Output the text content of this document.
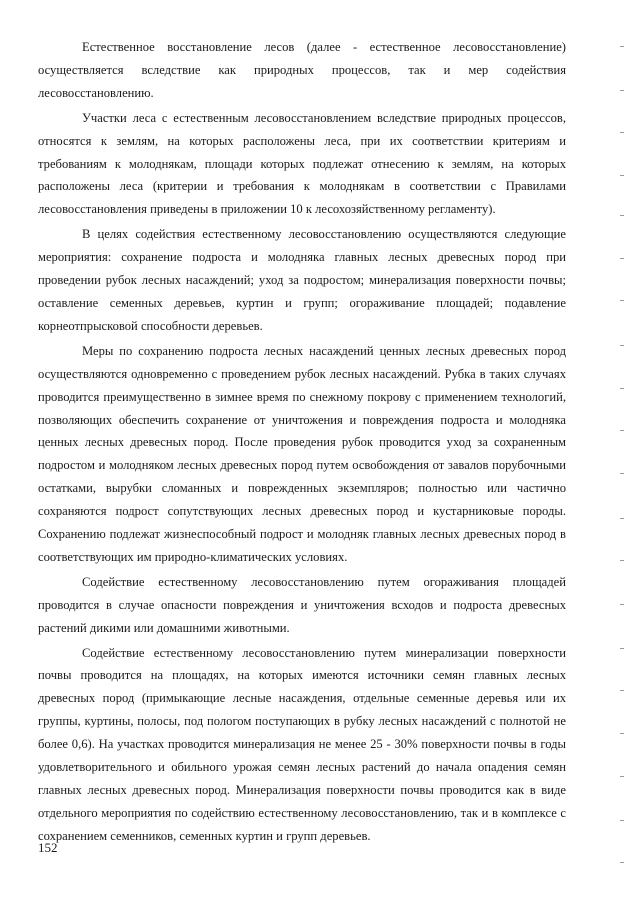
Естественное восстановление лесов (далее - естественное лесовосстановление) осуществляется вследствие как природных процессов, так и мер содействия лесовосстановлению.

Участки леса с естественным лесовосстановлением вследствие природных процессов, относятся к землям, на которых расположены леса, при их соответствии критериям и требованиям к молоднякам, площади которых подлежат отнесению к землям, на которых расположены леса (критерии и требования к молоднякам в соответствии с Правилами лесовосстановления приведены в приложении 10 к лесохозяйственному регламенту).

В целях содействия естественному лесовосстановлению осуществляются следующие мероприятия: сохранение подроста и молодняка главных лесных древесных пород при проведении рубок лесных насаждений; уход за подростом; минерализация поверхности почвы; оставление семенных деревьев, куртин и групп; огораживание площадей; подавление корнеотпрысковой способности деревьев.

Меры по сохранению подроста лесных насаждений ценных лесных древесных пород осуществляются одновременно с проведением рубок лесных насаждений. Рубка в таких случаях проводится преимущественно в зимнее время по снежному покрову с применением технологий, позволяющих обеспечить сохранение от уничтожения и повреждения подроста и молодняка ценных лесных древесных пород. После проведения рубок проводится уход за сохраненным подростом и молодняком лесных древесных пород путем освобождения от завалов порубочными остатками, вырубки сломанных и поврежденных экземпляров; полностью или частично сохраняются подрост сопутствующих лесных древесных пород и кустарниковые породы. Сохранению подлежат жизнеспособный подрост и молодняк главных лесных древесных пород в соответствующих им природно-климатических условиях.

Содействие естественному лесовосстановлению путем огораживания площадей проводится в случае опасности повреждения и уничтожения всходов и подроста древесных растений дикими или домашними животными.

Содействие естественному лесовосстановлению путем минерализации поверхности почвы проводится на площадях, на которых имеются источники семян главных лесных древесных пород (примыкающие лесные насаждения, отдельные семенные деревья или их группы, куртины, полосы, под пологом поступающих в рубку лесных насаждений с полнотой не более 0,6). На участках проводится минерализация не менее 25 - 30% поверхности почвы в годы удовлетворительного и обильного урожая семян лесных растений до начала опадения семян главных лесных древесных пород. Минерализация поверхности почвы проводится как в виде отдельного мероприятия по содействию естественному лесовосстановлению, так и в комплексе с сохранением семенников, семенных куртин и групп деревьев.

152
